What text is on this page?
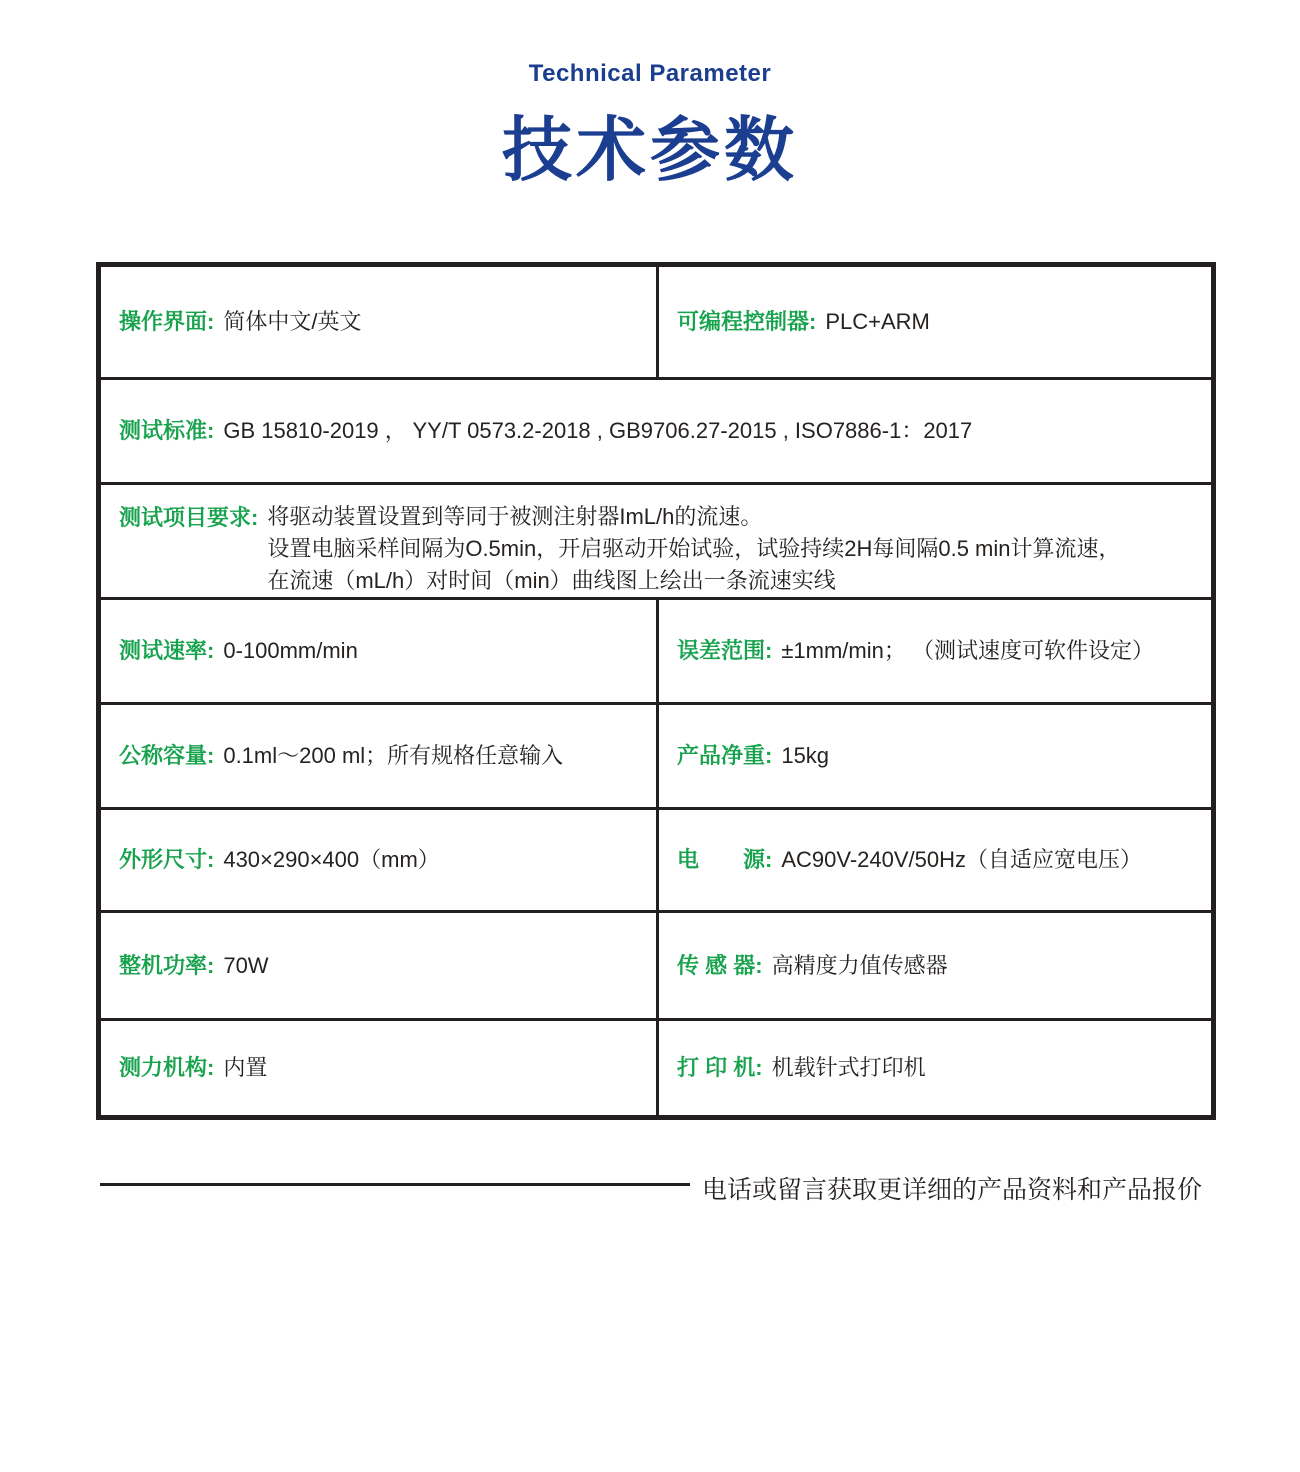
Technical Parameter
技术参数
操作界面: 简体中文/英文	可编程控制器: PLC+ARM
测试标准: GB 15810-2019 ， YY/T 0573.2-2018 , GB9706.27-2015 , ISO7886-1：2017
测试项目要求: 将驱动装置设置到等同于被测注射器ImL/h的流速。
设置电脑采样间隔为O.5min，开启驱动开始试验，试验持续2H每间隔0.5 min计算流速，
在流速（mL/h）对时间（min）曲线图上绘出一条流速实线
测试速率: 0-100mm/min	误差范围: ±1mm/min； （测试速度可软件设定）
公称容量: 0.1ml～200 ml；所有规格任意输入	产品净重: 15kg
外形尺寸: 430×290×400（mm）	电　　源: AC90V-240V/50Hz（自适应宽电压）
整机功率: 70W	传 感 器: 高精度力值传感器
测力机构: 内置	打 印 机: 机载针式打印机
电话或留言获取更详细的产品资料和产品报价
